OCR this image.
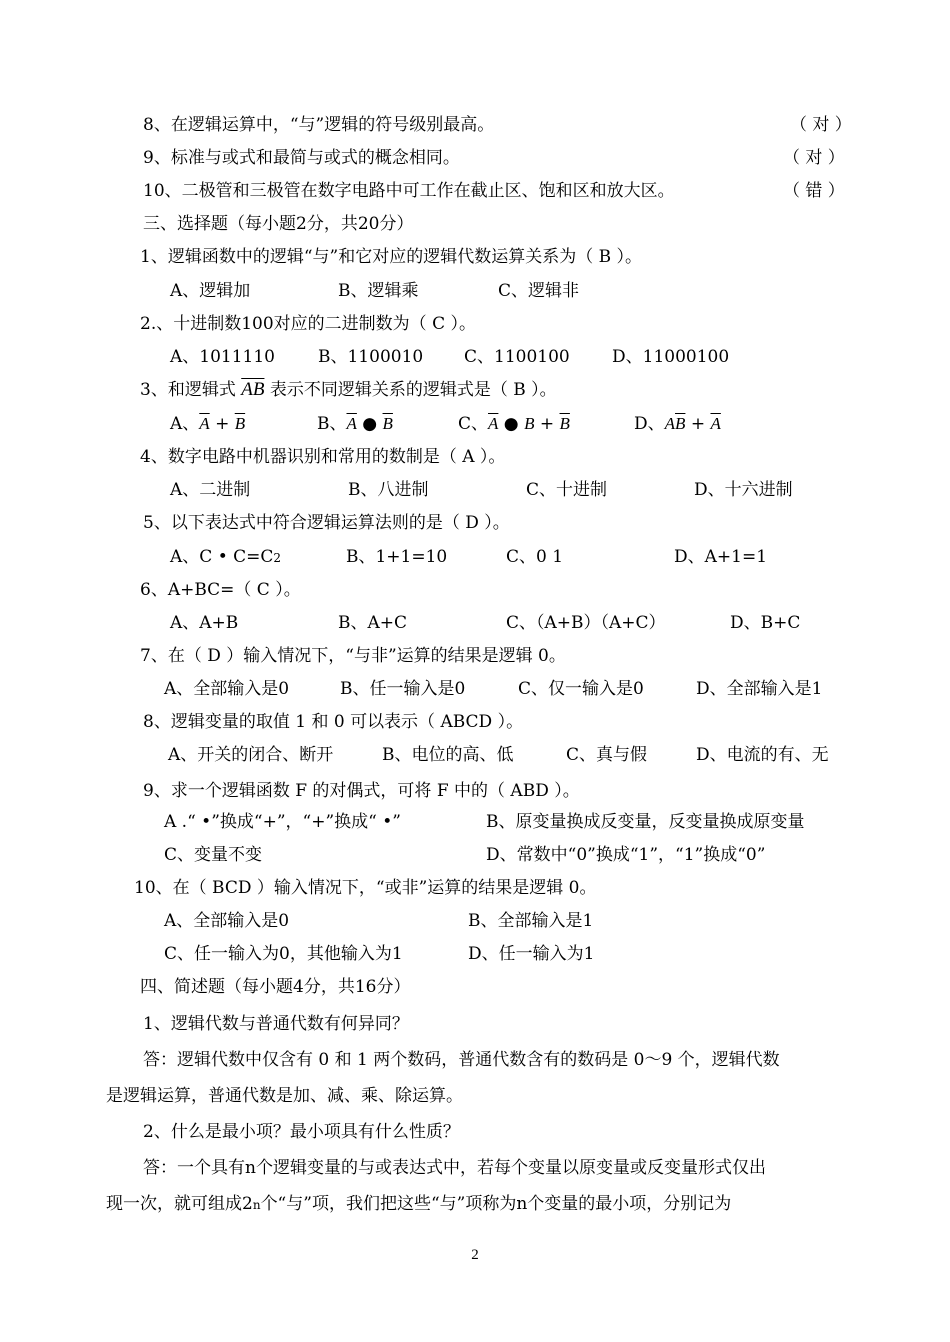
8、在逻辑运算中，“与”逻辑的符号级别最高。	（ 对 ）
9、标准与或式和最简与或式的概念相同。	（ 对 ）
10、二极管和三极管在数字电路中可工作在截止区、饱和区和放大区。	（ 错 ）
三、选择题（每小题2分，共20分）
1、逻辑函数中的逻辑“与”和它对应的逻辑代数运算关系为（ B ）。
A、逻辑加	B、逻辑乘	C、逻辑非
2.、十进制数100对应的二进制数为（ C ）。
A、1011110	B、1100010 C、1100100 D、11000100
3、和逻辑式 $\overline{AB}$ 表示不同逻辑关系的逻辑式是（ B ）。
A、$\overline{A} + \overline{B}$	B、$\overline{A}$ ● $\overline{B}$	C、$\overline{A}$ ● $B + \overline{B}$	D、$A\overline{B} + \overline{A}$
4、数字电路中机器识别和常用的数制是（ A ）。
A、二进制	B、八进制	C、十进制	D、十六进制
5、以下表达式中符合逻辑运算法则的是（ D ）。
A、C • C=C2	B、1+1=10	C、0 1	D、A+1=1
6、A+BC=（ C ）。
A、A+B	B、A+C	C、（A+B）（A+C）	D、B+C
7、在（ D ）输入情况下，“与非”运算的结果是逻辑 0。
A、全部输入是0	B、任一输入是0	C、仅一输入是0	D、全部输入是1
8、逻辑变量的取值 1 和 0 可以表示（ ABCD ）。
A、开关的闭合、断开	B、电位的高、低	C、真与假	D、电流的有、无
9、求一个逻辑函数 F 的对偶式，可将 F 中的（ ABD ）。
A .“ •”换成“+”，“+”换成“ •”	B、原变量换成反变量，反变量换成原变量
C、变量不变	D、常数中“0”换成“1”，“1”换成“0”
10、在（ BCD ）输入情况下，“或非”运算的结果是逻辑 0。
A、全部输入是0	B、全部输入是1
C、任一输入为0，其他输入为1	D、任一输入为1
四、简述题（每小题4分，共16分）
1、逻辑代数与普通代数有何异同？
答：逻辑代数中仅含有 0 和 1 两个数码，普通代数含有的数码是 0～9 个，逻辑代数
是逻辑运算，普通代数是加、减、乘、除运算。
2、什么是最小项？最小项具有什么性质？
答：一个具有n个逻辑变量的与或表达式中，若每个变量以原变量或反变量形式仅出
现一次，就可组成2n个“与”项，我们把这些“与”项称为n个变量的最小项，分别记为
2
